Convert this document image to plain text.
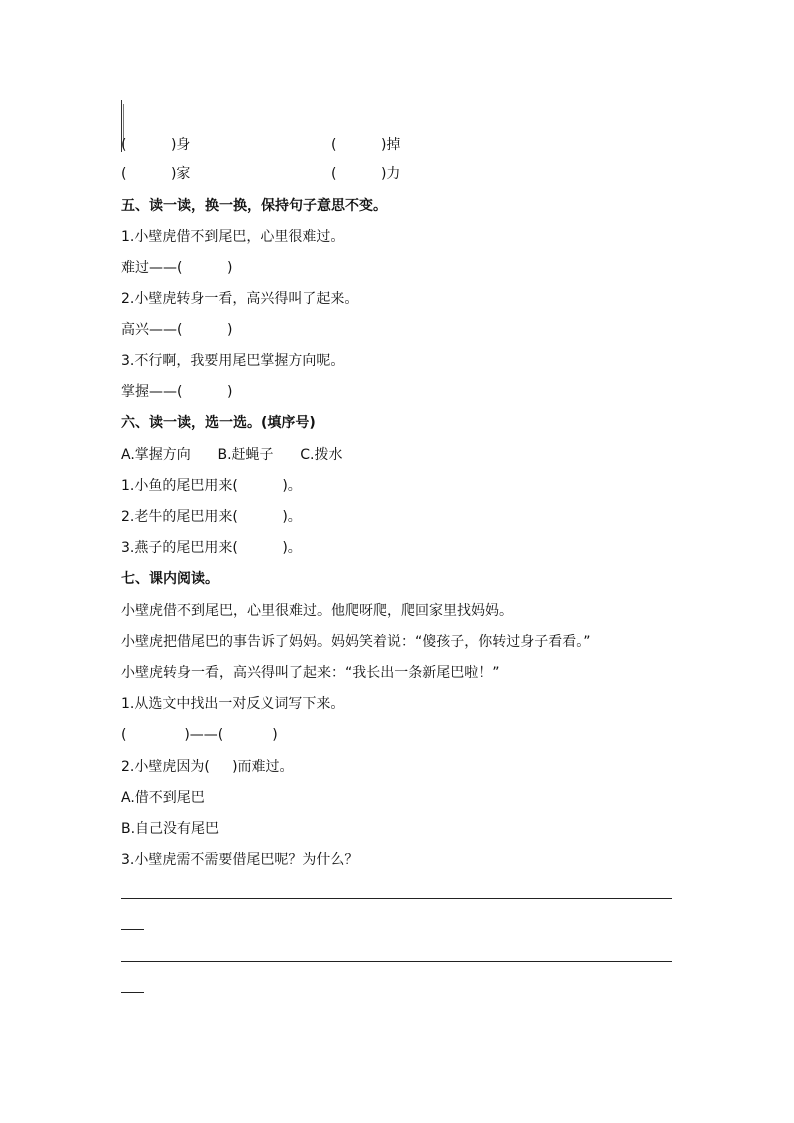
(          )身	(          )掉
(          )家	(          )力
五、读一读，换一换，保持句子意思不变。
1.小壁虎借不到尾巴，心里很难过。
难过——(          )
2.小壁虎转身一看，高兴得叫了起来。
高兴——(          )
3.不行啊，我要用尾巴掌握方向呢。
掌握——(          )
六、读一读，选一选。(填序号)
A.掌握方向      B.赶蝇子      C.拨水
1.小鱼的尾巴用来(          )。
2.老牛的尾巴用来(          )。
3.燕子的尾巴用来(          )。
七、课内阅读。
小壁虎借不到尾巴，心里很难过。他爬呀爬，爬回家里找妈妈。
小壁虎把借尾巴的事告诉了妈妈。妈妈笑着说：“傻孩子，你转过身子看看。”
小壁虎转身一看，高兴得叫了起来：“我长出一条新尾巴啦！”
1.从选文中找出一对反义词写下来。
(             )——(           )
2.小壁虎因为(     )而难过。
A.借不到尾巴
B.自己没有尾巴
3.小壁虎需不需要借尾巴呢？为什么？
